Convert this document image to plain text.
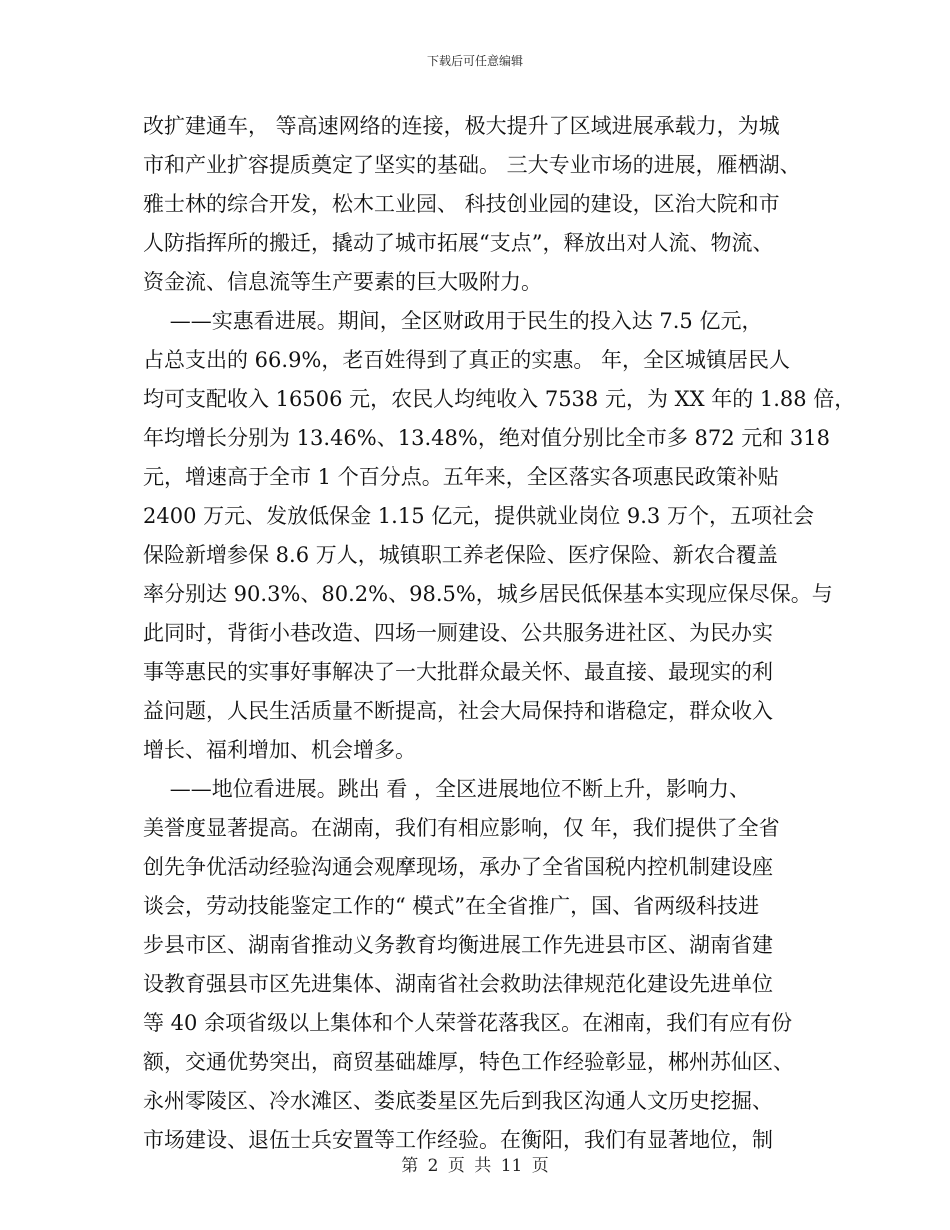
下载后可任意编辑
改扩建通车， 等高速网络的连接，极大提升了区域进展承载力，为城
市和产业扩容提质奠定了坚实的基础。 三大专业市场的进展，雁栖湖、
雅士林的综合开发，松木工业园、 科技创业园的建设，区治大院和市
人防指挥所的搬迁，撬动了城市拓展“支点”，释放出对人流、物流、
资金流、信息流等生产要素的巨大吸附力。
——实惠看进展。期间，全区财政用于民生的投入达 7.5 亿元，
占总支出的 66.9%，老百姓得到了真正的实惠。 年，全区城镇居民人
均可支配收入 16506 元，农民人均纯收入 7538 元，为 XX 年的 1.88 倍，
年均增长分别为 13.46%、13.48%，绝对值分别比全市多 872 元和 318
元，增速高于全市 1 个百分点。五年来，全区落实各项惠民政策补贴
2400 万元、发放低保金 1.15 亿元，提供就业岗位 9.3 万个，五项社会
保险新增参保 8.6 万人，城镇职工养老保险、医疗保险、新农合覆盖
率分别达 90.3%、80.2%、98.5%，城乡居民低保基本实现应保尽保。与
此同时，背街小巷改造、四场一厕建设、公共服务进社区、为民办实
事等惠民的实事好事解决了一大批群众最关怀、最直接、最现实的利
益问题，人民生活质量不断提高，社会大局保持和谐稳定，群众收入
增长、福利增加、机会增多。
——地位看进展。跳出 看 ，全区进展地位不断上升，影响力、
美誉度显著提高。在湖南，我们有相应影响，仅 年，我们提供了全省
创先争优活动经验沟通会观摩现场，承办了全省国税内控机制建设座
谈会，劳动技能鉴定工作的“ 模式”在全省推广，国、省两级科技进
步县市区、湖南省推动义务教育均衡进展工作先进县市区、湖南省建
设教育强县市区先进集体、湖南省社会救助法律规范化建设先进单位
等 40 余项省级以上集体和个人荣誉花落我区。在湘南，我们有应有份
额，交通优势突出，商贸基础雄厚，特色工作经验彰显，郴州苏仙区、
永州零陵区、冷水滩区、娄底娄星区先后到我区沟通人文历史挖掘、
市场建设、退伍士兵安置等工作经验。在衡阳，我们有显著地位，制
第 2 页 共 11 页
